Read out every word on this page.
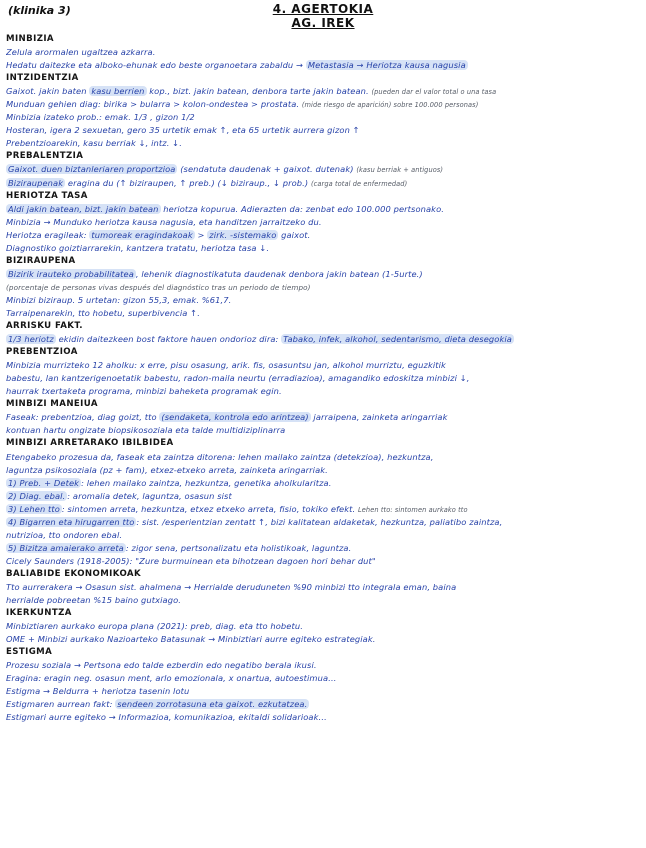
(klinika 3)	4. AGERTOKIA
AG. IREK
MINBIZIA
Zelula arormalen ugaltzea azkarra.
Hedatu daitezke eta alboko-ehunak edo beste organoetara zabaldu → Metastasia → Heriotza kausa nagusia
INTZIDENTZIA
Gaixot. jakin baten kasu berrien kop., bizt. jakin batean, denbora tarte jakin batean. (pueden dar el valor total o una tasa
Munduan gehien diag: birika > bularra > kolon-ondestea > prostata. (mide riesgo de aparición) sobre 100.000 personas)
Minbizia izateko prob.: emak. 1/3 , gizon 1/2
Hosteran, igera 2 sexuetan, gero 35 urtetik emak ↑, eta 65 urtetik aurrera gizon ↑
Prebentzioarekin, kasu berriak ↓, intz. ↓.
PREBALENTZIA
Gaixot. duen biztanleriaren proportzioa (sendatuta daudenak + gaixot. dutenak) (kasu berriak + antiguos)
Biziraupenak eragina du (↑ biziraupen, ↑ preb.) (↓ biziraup., ↓ prob.) (carga total de enfermedad)
HERIOTZA TASA
Aldi jakin batean, bizt. jakin batean heriotza kopurua. Adierazten da: zenbat edo 100.000 pertsonako.
Minbizia → Munduko heriotza kausa nagusia, eta handitzen jarraitzeko du.
Heriotza eragileak: tumoreak eragindakoak > zirk. -sistemako gaixot.
Diagnostiko goiztiarrarekin, kantzera tratatu, heriotza tasa ↓.
BIZIRAUPENA
Bizirik irauteko probabilitatea , lehenik diagnostikatuta daudenak denbora jakin batean (1-5urte.)
(porcentaje de personas vivas después del diagnóstico tras un periodo de tiempo)
Minbizi biziraup. 5 urtetan: gizon 55,3, emak. %61,7.
Tarraipenarekin, tto hobetu, superbivencia ↑.
ARRISKU FAKT.
1/3 heriotz ekidin daitezkeen bost faktore hauen ondorioz dira: Tabako, infek, alkohol, sedentarismo, dieta desegokia
PREBENTZIOA
Minbizia murrizteko 12 aholku: x erre, pisu osasung, arik. fis, osasuntsu jan, alkohol murriztu, eguzkitik
babestu, lan kantzerigenoetatik babestu, radon-maila neurtu (erradiazioa), amagandiko edoskitza minbizi ↓,
haurrak txertaketa programa, minbizi baheketa programak egin.
MINBIZI MANEIUA
Faseak: prebentzioa, diag goizt, tto (sendaketa, kontrola edo arintzea) jarraipena, zainketa aringarriak
kontuan hartu ongizate biopsikosoziala eta talde multidiziplinarra
MINBIZI ARRETARAKO IBILBIDEA
Etengabeko prozesua da, faseak eta zaintza ditorena: lehen mailako zaintza (detekzioa), hezkuntza,
laguntza psikosoziala (pz + fam), etxez-etxeko arreta, zainketa aringarriak.
1) Preb. + Detek : lehen mailako zaintza, hezkuntza, genetika aholkularitza.
2) Diag. ebal. : aromalia detek, laguntza, osasun sist
3) Lehen tto : sintomen arreta, hezkuntza, etxez etxeko arreta, fisio, tokiko efekt. Lehen tto: sintomen aurkako tto
4) Bigarren eta hirugarren tto : sist. /esperientzian zentatt ↑, bizi kalitatean aldaketak, hezkuntza, paliatibo zaintza,
nutrizioa, tto ondoren ebal.
5) Bizitza amaierako arreta : zigor sena, pertsonalizatu eta holistikoak, laguntza.
Cicely Saunders (1918-2005): "Zure burmuinean eta bihotzean dagoen hori behar dut"
BALIABIDE EKONOMIKOAK
Tto aurrerakera → Osasun sist. ahalmena → Herrialde deruduneten %90 minbizi tto integrala eman, baina
herrialde pobreetan %15 baino gutxiago.
IKERKUNTZA
Minbiztiaren aurkako europa plana (2021): preb, diag. eta tto hobetu.
OME + Minbizi aurkako Nazioarteko Batasunak → Minbiztiari aurre egiteko estrategiak.
ESTIGMA
Prozesu soziala → Pertsona edo talde ezberdin edo negatibo berala ikusi.
Eragina: eragin neg. osasun ment, arlo emozionala, x onartua, autoestimua…
Estigma → Beldurra + heriotza tasenin lotu
Estigmaren aurrean fakt: sendeen zorrotasuna eta gaixot. ezkutatzea.
Estigmari aurre egiteko → Informazioa, komunikazioa, ekitaldi solidarioak…
